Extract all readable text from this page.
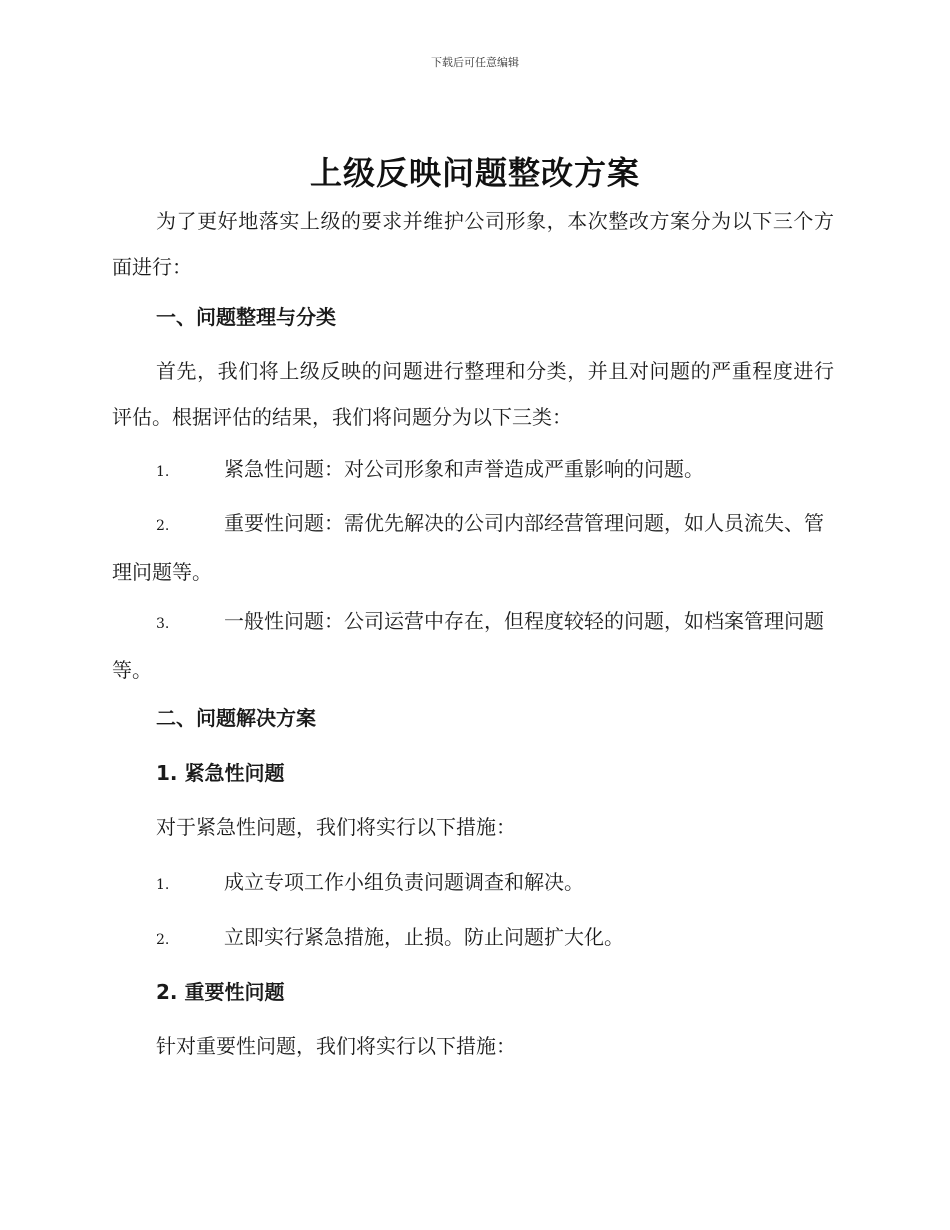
下载后可任意编辑
上级反映问题整改方案

为了更好地落实上级的要求并维护公司形象，本次整改方案分为以下三个方面进行：

一、问题整理与分类

首先，我们将上级反映的问题进行整理和分类，并且对问题的严重程度进行评估。根据评估的结果，我们将问题分为以下三类：

1.	紧急性问题：对公司形象和声誉造成严重影响的问题。
2.	重要性问题：需优先解决的公司内部经营管理问题，如人员流失、管理问题等。
3.	一般性问题：公司运营中存在，但程度较轻的问题，如档案管理问题等。
二、问题解决方案
1. 紧急性问题

对于紧急性问题，我们将实行以下措施：

1.	成立专项工作小组负责问题调查和解决。
2.	立即实行紧急措施，止损。防止问题扩大化。
2. 重要性问题

针对重要性问题，我们将实行以下措施：
